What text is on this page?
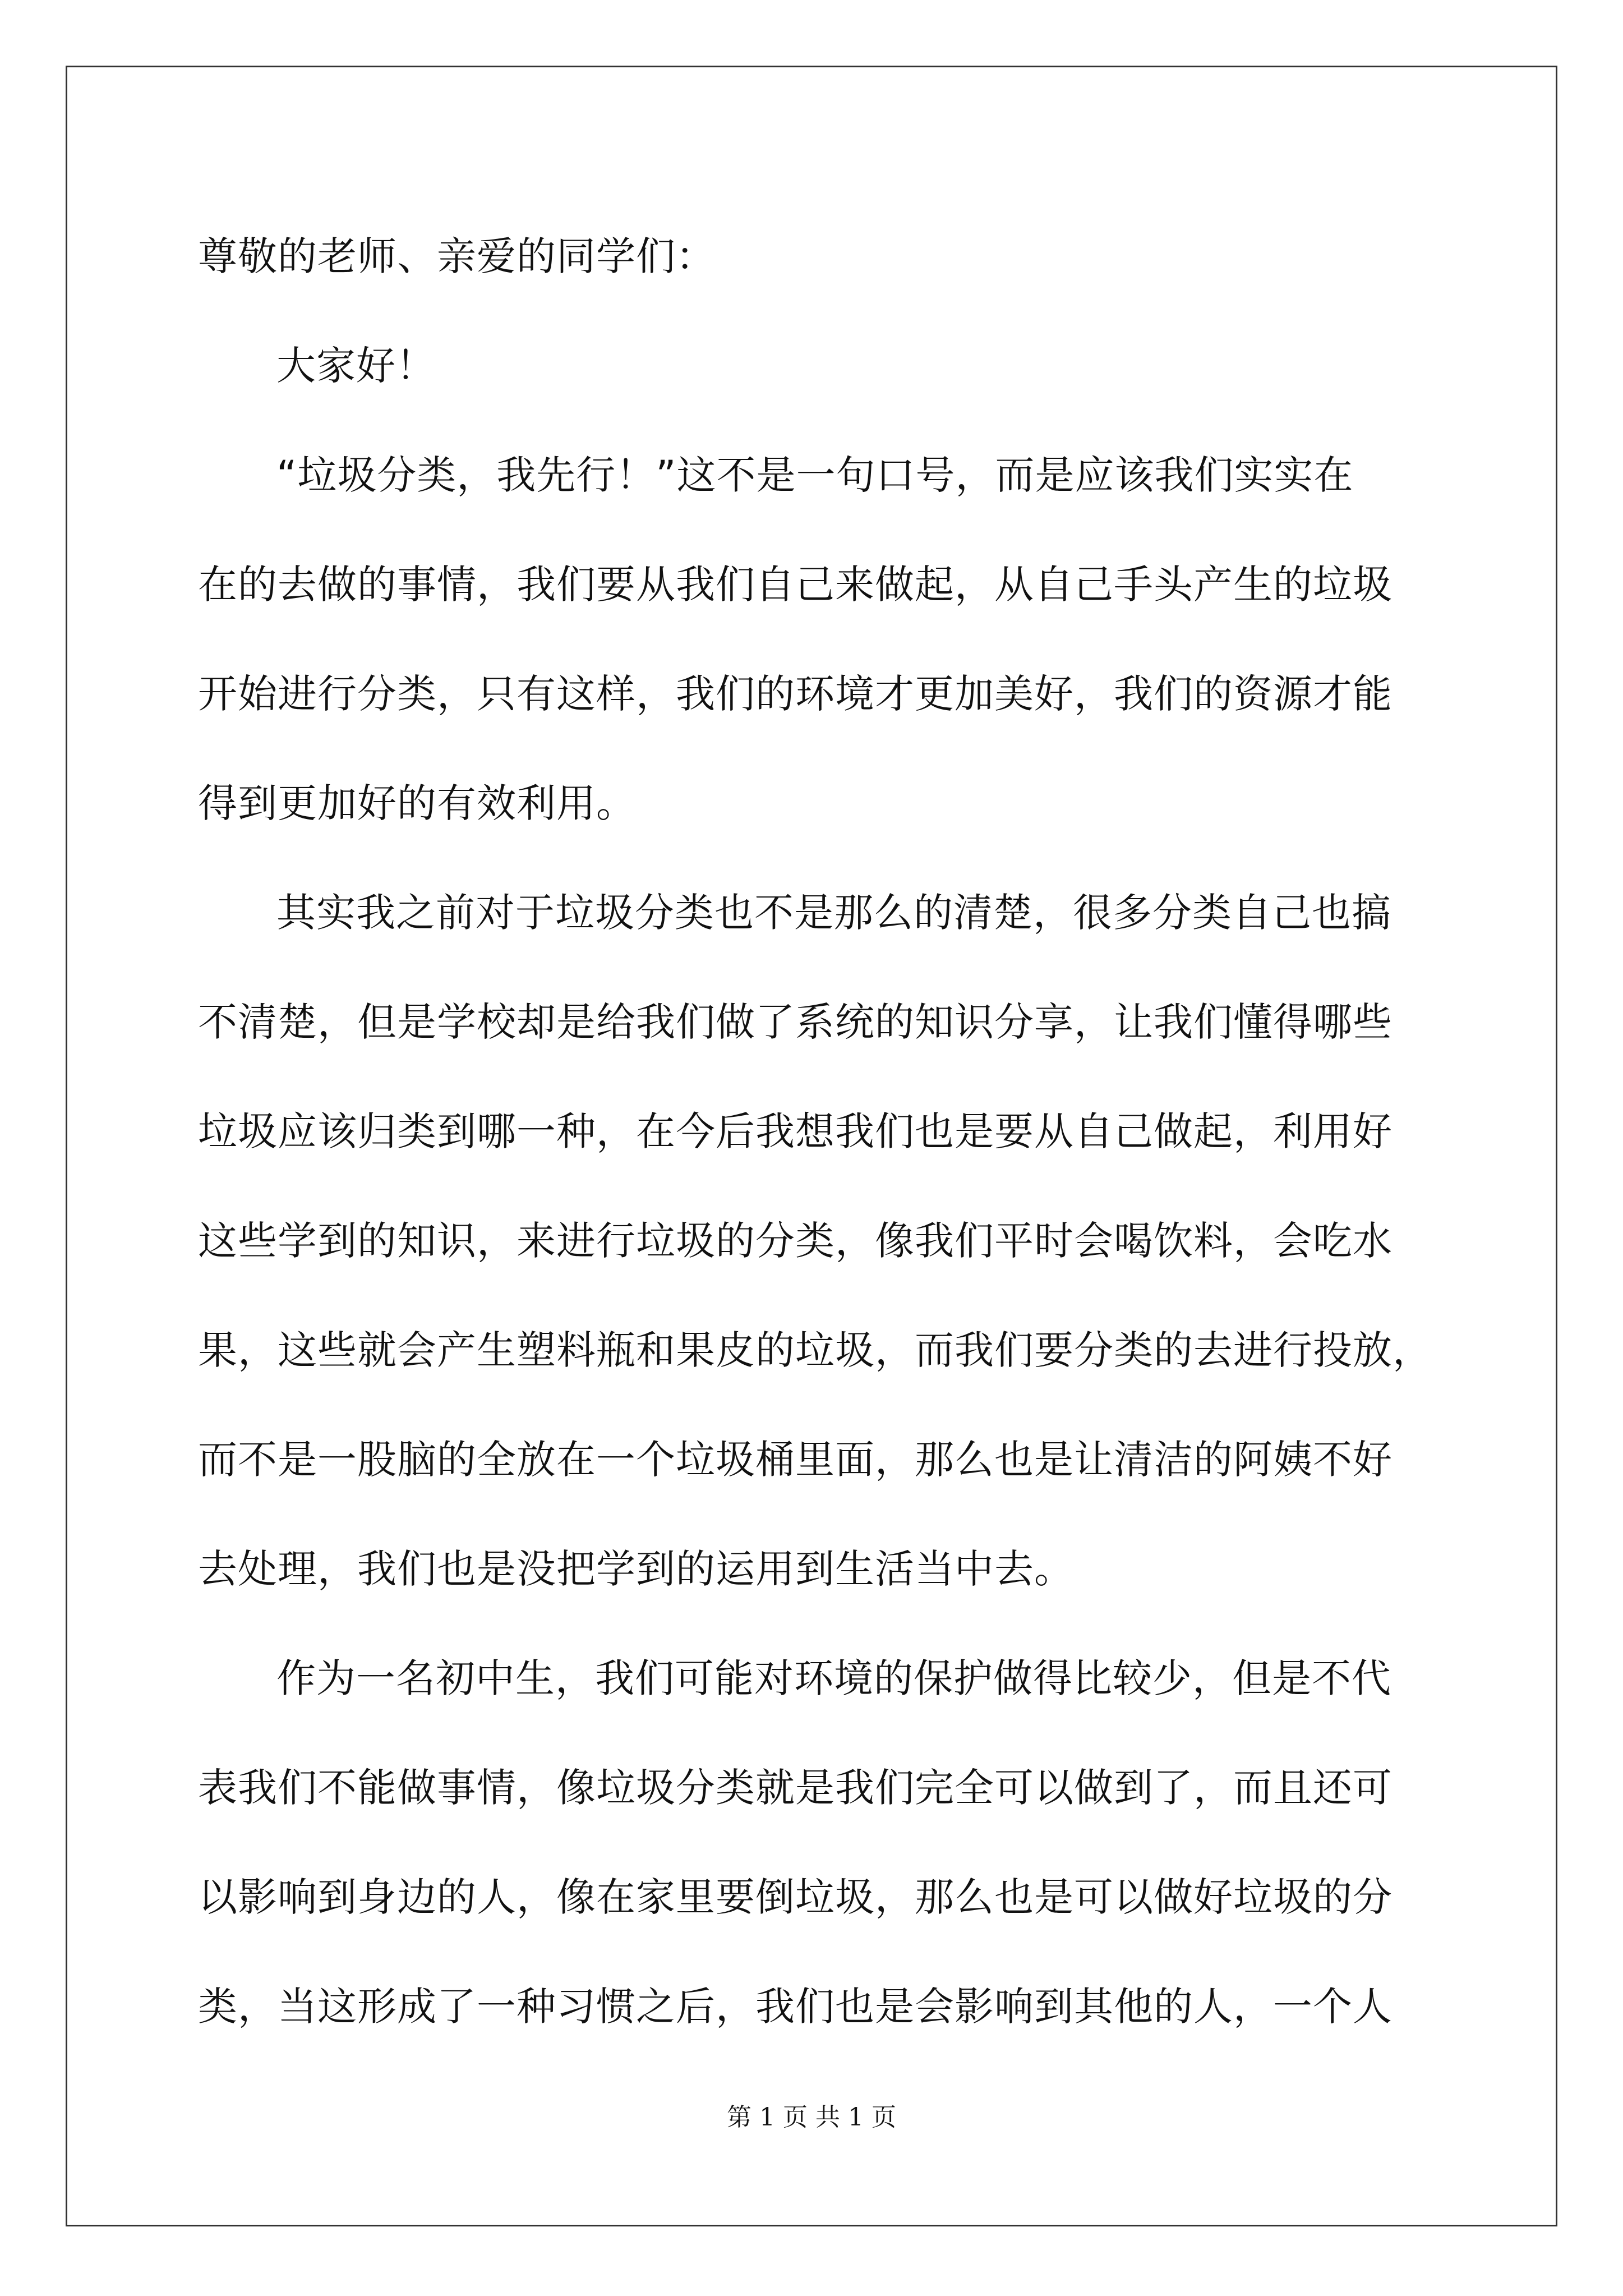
尊敬的老师、亲爱的同学们：
大家好！
“垃圾分类，我先行！”这不是一句口号，而是应该我们实实在
在的去做的事情，我们要从我们自己来做起，从自己手头产生的垃圾
开始进行分类，只有这样，我们的环境才更加美好，我们的资源才能
得到更加好的有效利用。
其实我之前对于垃圾分类也不是那么的清楚，很多分类自己也搞
不清楚，但是学校却是给我们做了系统的知识分享，让我们懂得哪些
垃圾应该归类到哪一种，在今后我想我们也是要从自己做起，利用好
这些学到的知识，来进行垃圾的分类，像我们平时会喝饮料，会吃水
果，这些就会产生塑料瓶和果皮的垃圾，而我们要分类的去进行投放，
而不是一股脑的全放在一个垃圾桶里面，那么也是让清洁的阿姨不好
去处理，我们也是没把学到的运用到生活当中去。
作为一名初中生，我们可能对环境的保护做得比较少，但是不代
表我们不能做事情，像垃圾分类就是我们完全可以做到了，而且还可
以影响到身边的人，像在家里要倒垃圾，那么也是可以做好垃圾的分
类，当这形成了一种习惯之后，我们也是会影响到其他的人，一个人
第 1 页 共 1 页
